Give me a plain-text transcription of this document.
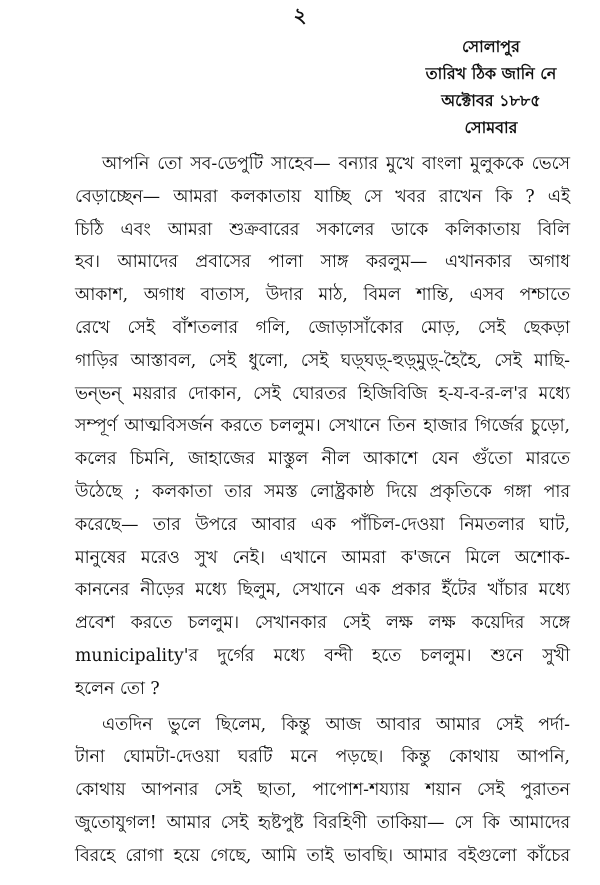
২
সোলাপুর
তারিখ ঠিক জানি নে
অক্টোবর ১৮৮৫
সোমবার
আপনি তো সব-ডেপুটি সাহেব— বন্যার মুখে বাংলা মুলুককে ভেসে
বেড়াচ্ছেন— আমরা কলকাতায় যাচ্ছি সে খবর রাখেন কি ? এই
চিঠি এবং আমরা শুক্রবারের সকালের ডাকে কলিকাতায় বিলি
হব। আমাদের প্রবাসের পালা সাঙ্গ করলুম— এখানকার অগাধ
আকাশ, অগাধ বাতাস, উদার মাঠ, বিমল শান্তি, এসব পশ্চাতে
রেখে সেই বাঁশতলার গলি, জোড়াসাঁকোর মোড়, সেই ছেকড়া
গাড়ির আস্তাবল, সেই ধুলো, সেই ঘড়্‌ঘড়্‌-হুড়্‌মুড়্‌-হৈহৈ, সেই মাছি-
ভন্‌ভন্‌ ময়রার দোকান, সেই ঘোরতর হিজিবিজি হ-য-ব-র-ল'র মধ্যে
সম্পূর্ণ আত্মবিসর্জন করতে চললুম। সেখানে তিন হাজার গির্জের চুড়ো,
কলের চিমনি, জাহাজের মাস্তুল নীল আকাশে যেন গুঁতো মারতে
উঠেছে ; কলকাতা তার সমস্ত লোষ্ট্রকাষ্ঠ দিয়ে প্রকৃতিকে গঙ্গা পার
করেছে— তার উপরে আবার এক পাঁচিল-দেওয়া নিমতলার ঘাট,
মানুষের মরেও সুখ নেই। এখানে আমরা ক'জনে মিলে অশোক-
কাননের নীড়ের মধ্যে ছিলুম, সেখানে এক প্রকার ইঁটের খাঁচার মধ্যে
প্রবেশ করতে চললুম। সেখানকার সেই লক্ষ লক্ষ কয়েদির সঙ্গে
municipality'র দুর্গের মধ্যে বন্দী হতে চললুম। শুনে সুখী
হলেন তো ?
এতদিন ভুলে ছিলেম, কিন্তু আজ আবার আমার সেই পর্দা-
টানা ঘোমটা-দেওয়া ঘরটি মনে পড়ছে। কিন্তু কোথায় আপনি,
কোথায় আপনার সেই ছাতা, পাপোশ-শয্যায় শয়ান সেই পুরাতন
জুতোযুগল! আমার সেই হৃষ্টপুষ্ট বিরহিণী তাকিয়া— সে কি আমাদের
বিরহে রোগা হয়ে গেছে, আমি তাই ভাবছি। আমার বইগুলো কাঁচের
